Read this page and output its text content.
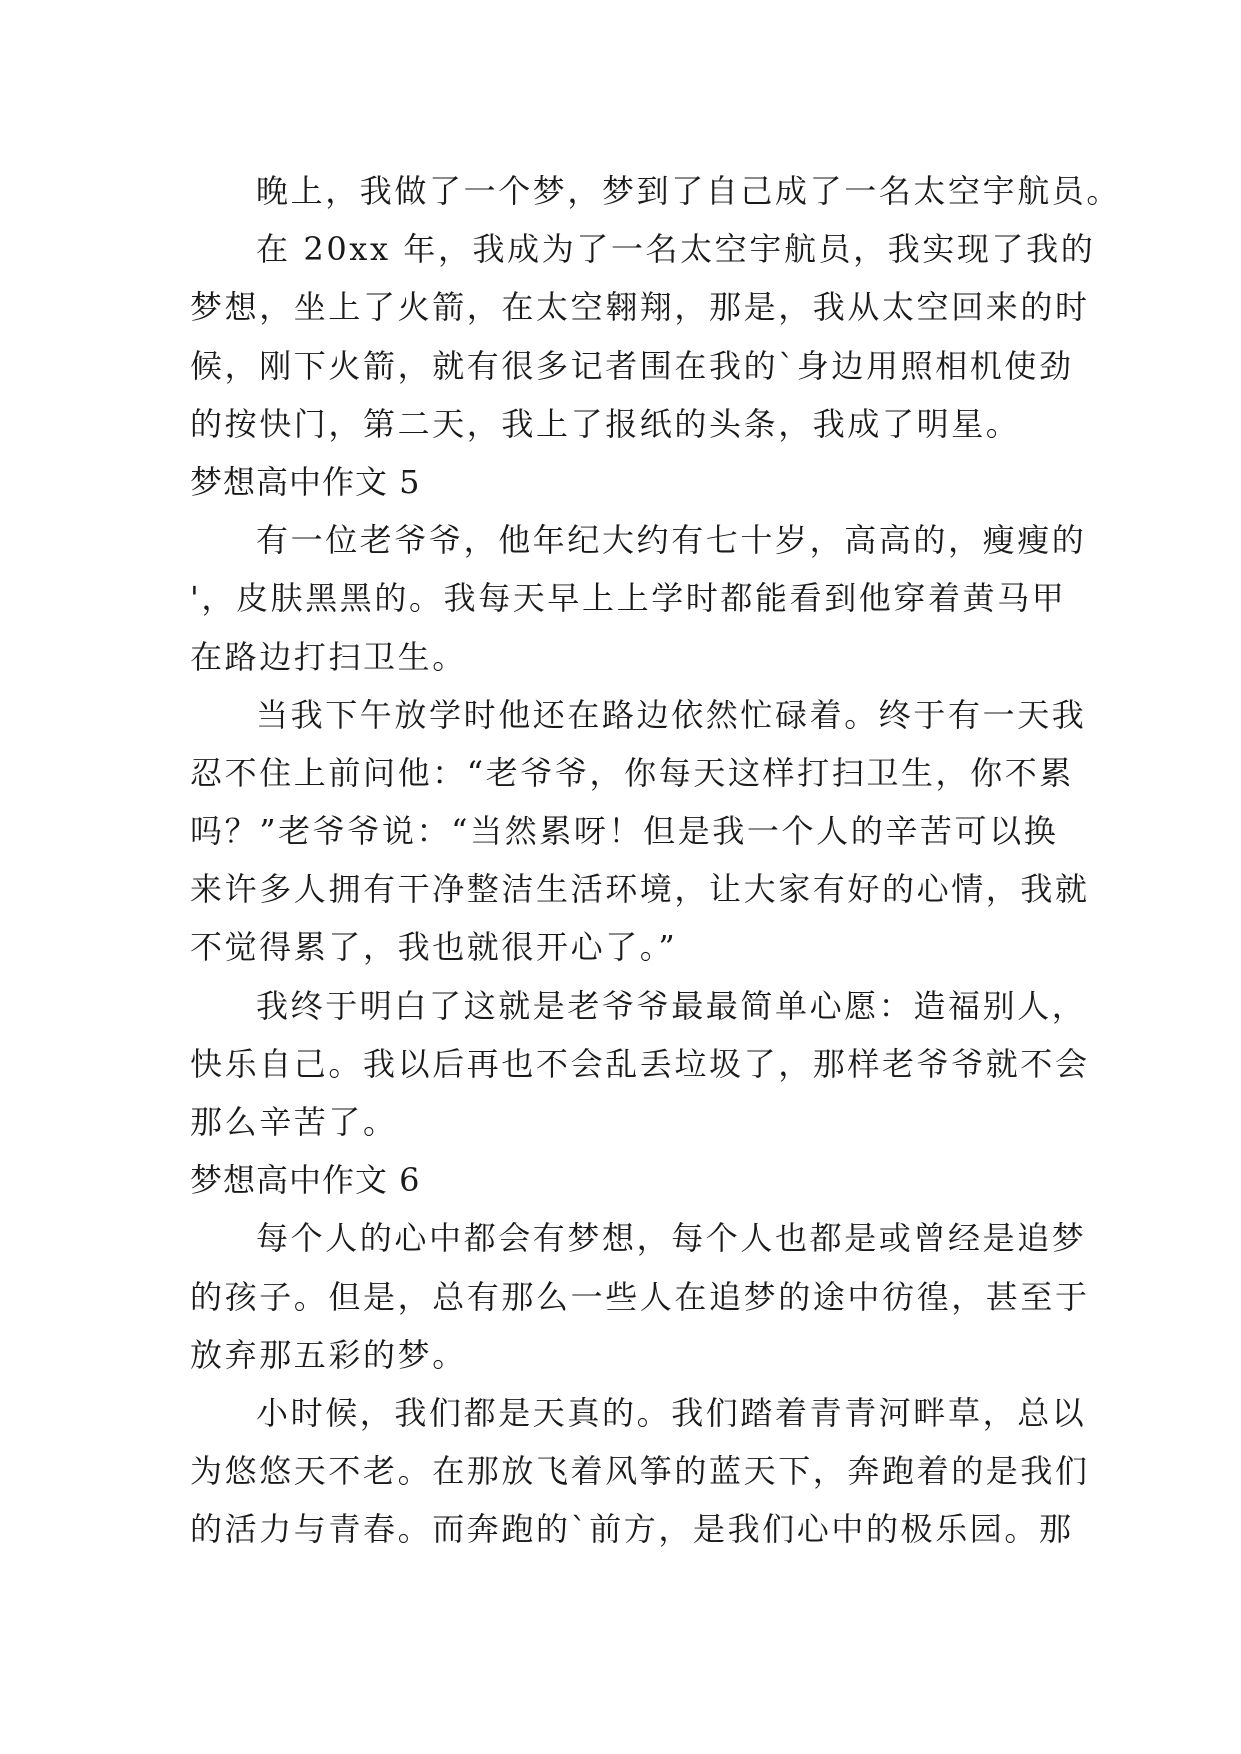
晚上，我做了一个梦，梦到了自己成了一名太空宇航员。
在 20xx 年，我成为了一名太空宇航员，我实现了我的
梦想，坐上了火箭，在太空翱翔，那是，我从太空回来的时
候，刚下火箭，就有很多记者围在我的`身边用照相机使劲
的按快门，第二天，我上了报纸的头条，我成了明星。
梦想高中作文 5
有一位老爷爷，他年纪大约有七十岁，高高的，瘦瘦的
'，皮肤黑黑的。我每天早上上学时都能看到他穿着黄马甲
在路边打扫卫生。
当我下午放学时他还在路边依然忙碌着。终于有一天我
忍不住上前问他：“老爷爷，你每天这样打扫卫生，你不累
吗？”老爷爷说：“当然累呀！但是我一个人的辛苦可以换
来许多人拥有干净整洁生活环境，让大家有好的心情，我就
不觉得累了，我也就很开心了。”
我终于明白了这就是老爷爷最最简单心愿：造福别人，
快乐自己。我以后再也不会乱丢垃圾了，那样老爷爷就不会
那么辛苦了。
梦想高中作文 6
每个人的心中都会有梦想，每个人也都是或曾经是追梦
的孩子。但是，总有那么一些人在追梦的途中彷徨，甚至于
放弃那五彩的梦。
小时候，我们都是天真的。我们踏着青青河畔草，总以
为悠悠天不老。在那放飞着风筝的蓝天下，奔跑着的是我们
的活力与青春。而奔跑的`前方，是我们心中的极乐园。那
